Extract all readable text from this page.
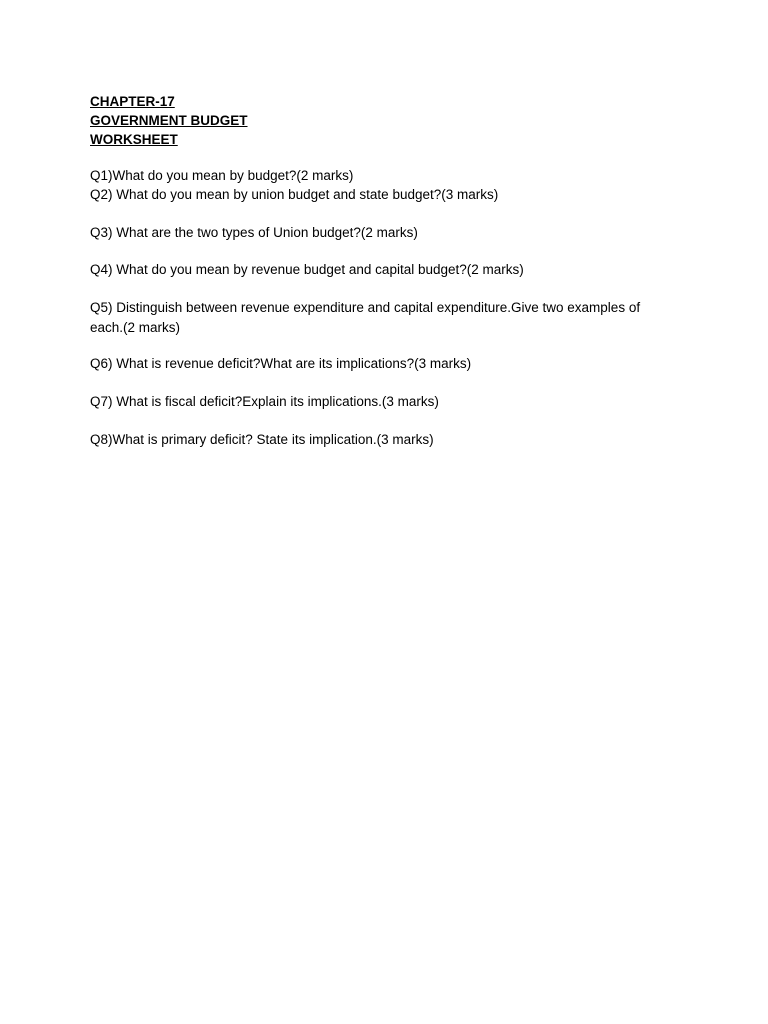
CHAPTER-17
GOVERNMENT BUDGET
WORKSHEET
Q1)What do you mean by budget?(2 marks)
Q2) What do you mean by union budget and state budget?(3 marks)
Q3) What are the two types of Union budget?(2 marks)
Q4) What do you mean by revenue budget and capital budget?(2 marks)
Q5) Distinguish between revenue expenditure and capital expenditure.Give two examples of each.(2 marks)
Q6) What is revenue deficit?What are its implications?(3 marks)
Q7) What is fiscal deficit?Explain its implications.(3 marks)
Q8)What is primary deficit? State its implication.(3 marks)
